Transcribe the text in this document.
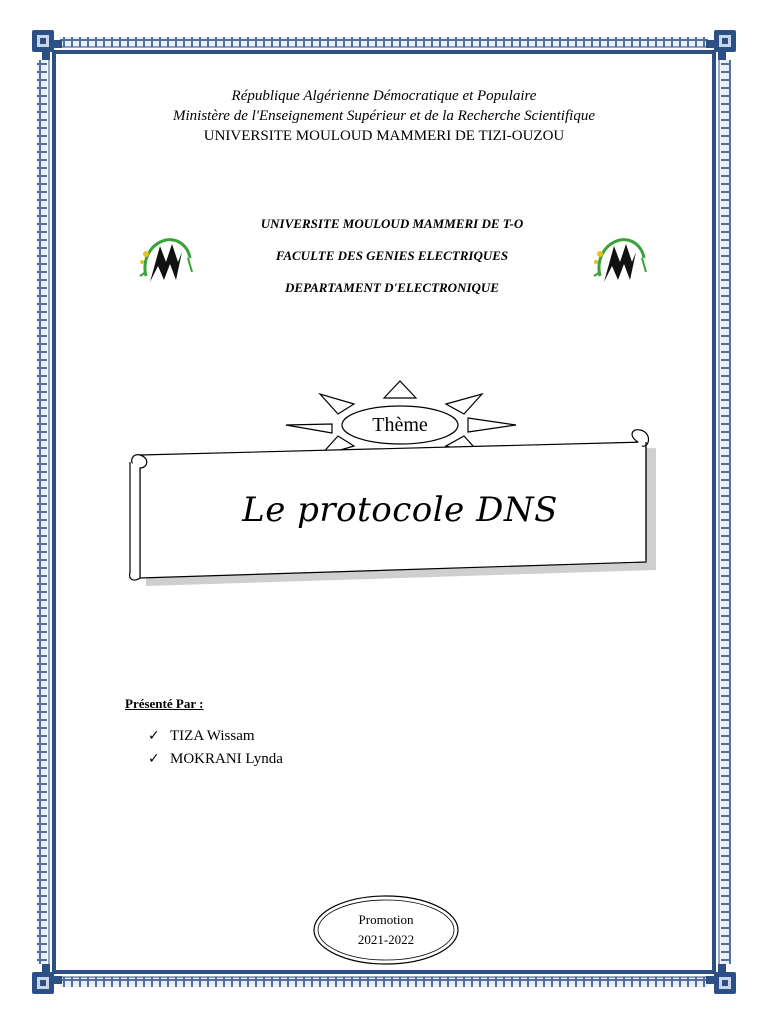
République Algérienne Démocratique et Populaire
Ministère de l'Enseignement Supérieur et de la Recherche Scientifique
UNIVERSITE MOULOUD MAMMERI DE TIZI-OUZOU
UNIVERSITE MOULOUD MAMMERI DE T-O
FACULTE DES GENIES ELECTRIQUES
DEPARTAMENT D'ELECTRONIQUE
Thème
Le protocole DNS
Présenté Par :
✓ TIZA Wissam
✓ MOKRANI Lynda
Promotion
2021-2022
